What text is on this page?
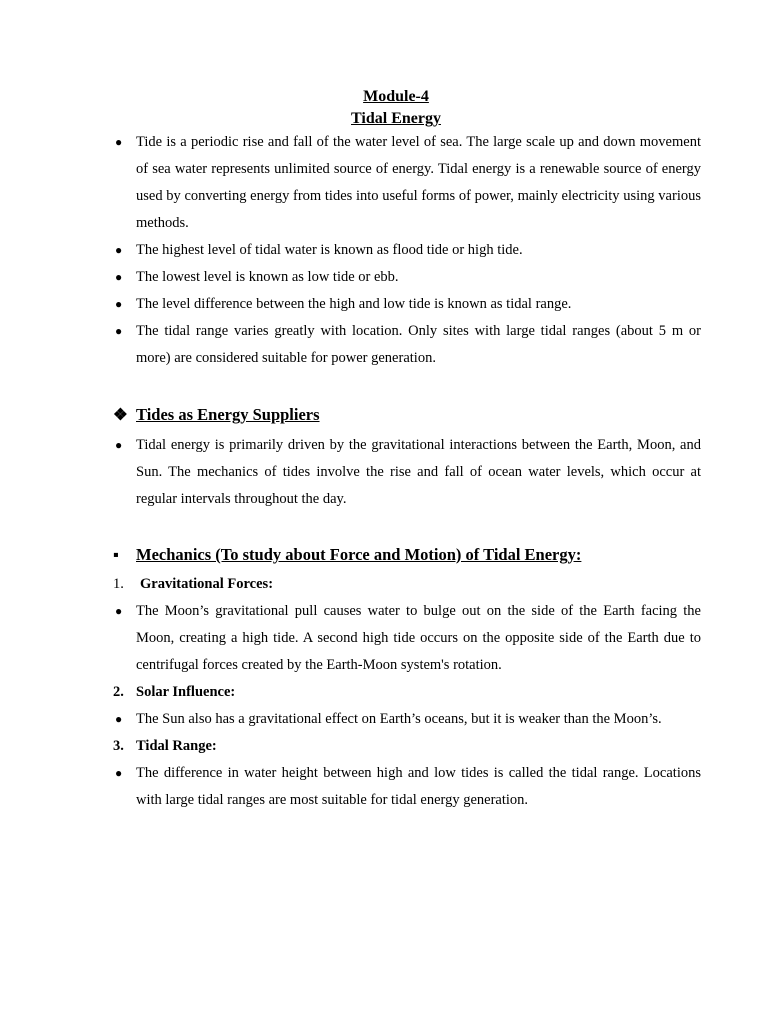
Module-4
Tidal Energy
● Tide is a periodic rise and fall of the water level of sea. The large scale up and down movement of sea water represents unlimited source of energy. Tidal energy is a renewable source of energy used by converting energy from tides into useful forms of power, mainly electricity using various methods.
● The highest level of tidal water is known as flood tide or high tide.
● The lowest level is known as low tide or ebb.
● The level difference between the high and low tide is known as tidal range.
● The tidal range varies greatly with location. Only sites with large tidal ranges (about 5 m or more) are considered suitable for power generation.
❖ Tides as Energy Suppliers
● Tidal energy is primarily driven by the gravitational interactions between the Earth, Moon, and Sun. The mechanics of tides involve the rise and fall of ocean water levels, which occur at regular intervals throughout the day.
▪ Mechanics (To study about Force and Motion) of Tidal Energy:
1. Gravitational Forces:
● The Moon’s gravitational pull causes water to bulge out on the side of the Earth facing the Moon, creating a high tide. A second high tide occurs on the opposite side of the Earth due to centrifugal forces created by the Earth-Moon system's rotation.
2. Solar Influence:
● The Sun also has a gravitational effect on Earth’s oceans, but it is weaker than the Moon’s.
3. Tidal Range:
● The difference in water height between high and low tides is called the tidal range. Locations with large tidal ranges are most suitable for tidal energy generation.
